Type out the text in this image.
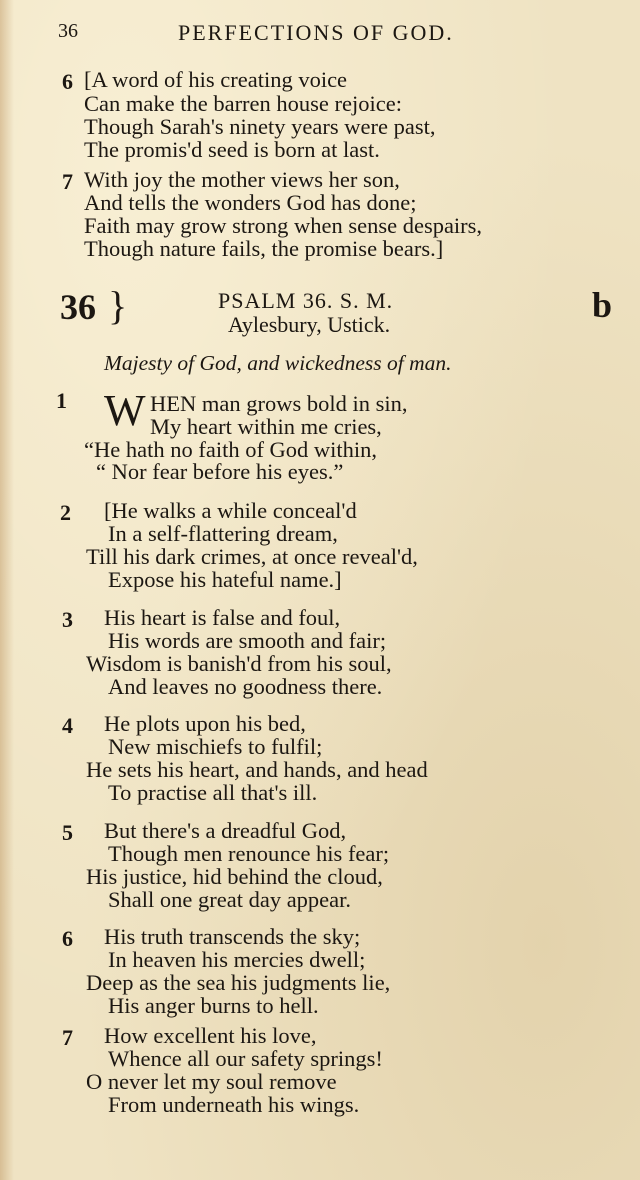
36	PERFECTIONS OF GOD.
6 [A word of his creating voice
Can make the barren house rejoice:
Though Sarah's ninety years were past,
The promis'd seed is born at last.
7 With joy the mother views her son,
And tells the wonders God has done;
Faith may grow strong when sense despairs,
Though nature fails, the promise bears.]
36 }	PSALM 36. S. M.
Aylesbury, Ustick.	b
Majesty of God, and wickedness of man.
1 W HEN man grows bold in sin,
My heart within me cries,
“He hath no faith of God within,
“ Nor fear before his eyes.”
2 [He walks a while conceal'd
In a self-flattering dream,
Till his dark crimes, at once reveal'd,
Expose his hateful name.]
3 His heart is false and foul,
His words are smooth and fair;
Wisdom is banish'd from his soul,
And leaves no goodness there.
4 He plots upon his bed,
New mischiefs to fulfil;
He sets his heart, and hands, and head
To practise all that's ill.
5 But there's a dreadful God,
Though men renounce his fear;
His justice, hid behind the cloud,
Shall one great day appear.
6 His truth transcends the sky;
In heaven his mercies dwell;
Deep as the sea his judgments lie,
His anger burns to hell.
7 How excellent his love,
Whence all our safety springs!
O never let my soul remove
From underneath his wings.
